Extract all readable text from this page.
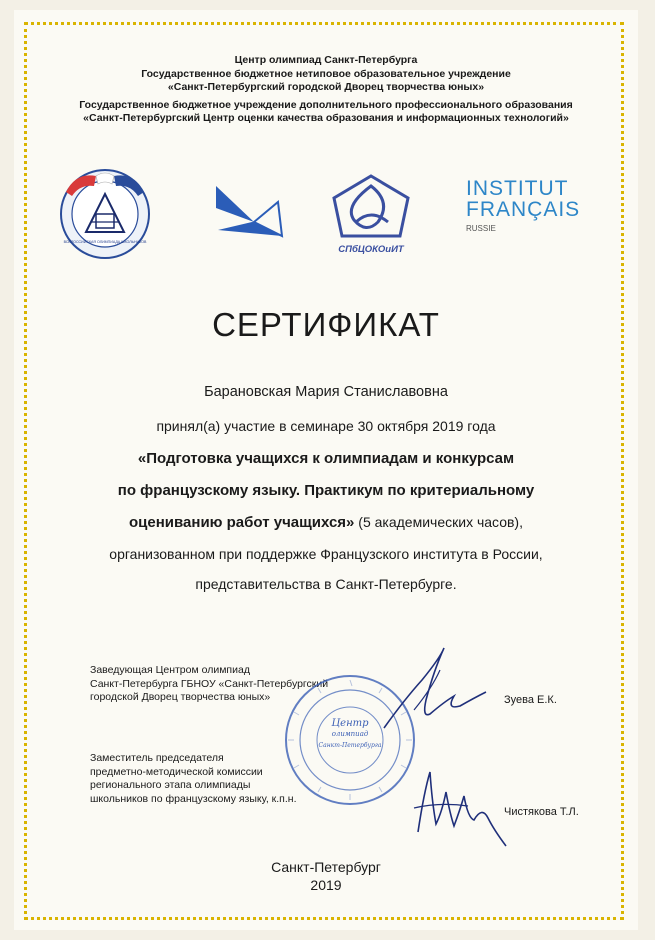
Центр олимпиад Санкт-Петербурга
Государственное бюджетное нетиповое образовательное учреждение
«Санкт-Петербургский городской Дворец творчества юных»
Государственное бюджетное учреждение дополнительного профессионального образования
«Санкт-Петербургский Центр оценки качества образования и информационных технологий»
ВСЕРОССИЙСКАЯ ОЛИМПИАДА ШКОЛЬНИКОВ
СПбЦОКОиИТ
INSTITUT
FRANÇAIS
RUSSIE
СЕРТИФИКАТ
Барановская Мария Станиславовна
принял(а) участие в семинаре 30 октября 2019 года
«Подготовка учащихся к олимпиадам и конкурсам
по французскому языку. Практикум по критериальному
оцениванию работ учащихся» (5 академических часов),
организованном при поддержке Французского института в России,
представительства в Санкт-Петербурге.
Заведующая Центром олимпиад
Санкт-Петербурга ГБНОУ «Санкт-Петербургский
городской Дворец творчества юных»	Зуева Е.К.
Заместитель председателя
предметно-методической комиссии
регионального этапа олимпиады
школьников по французскому языку, к.п.н.
Чистякова Т.Л.
Центр
олимпиад
Санкт-Петербурга
Санкт-Петербург
2019
